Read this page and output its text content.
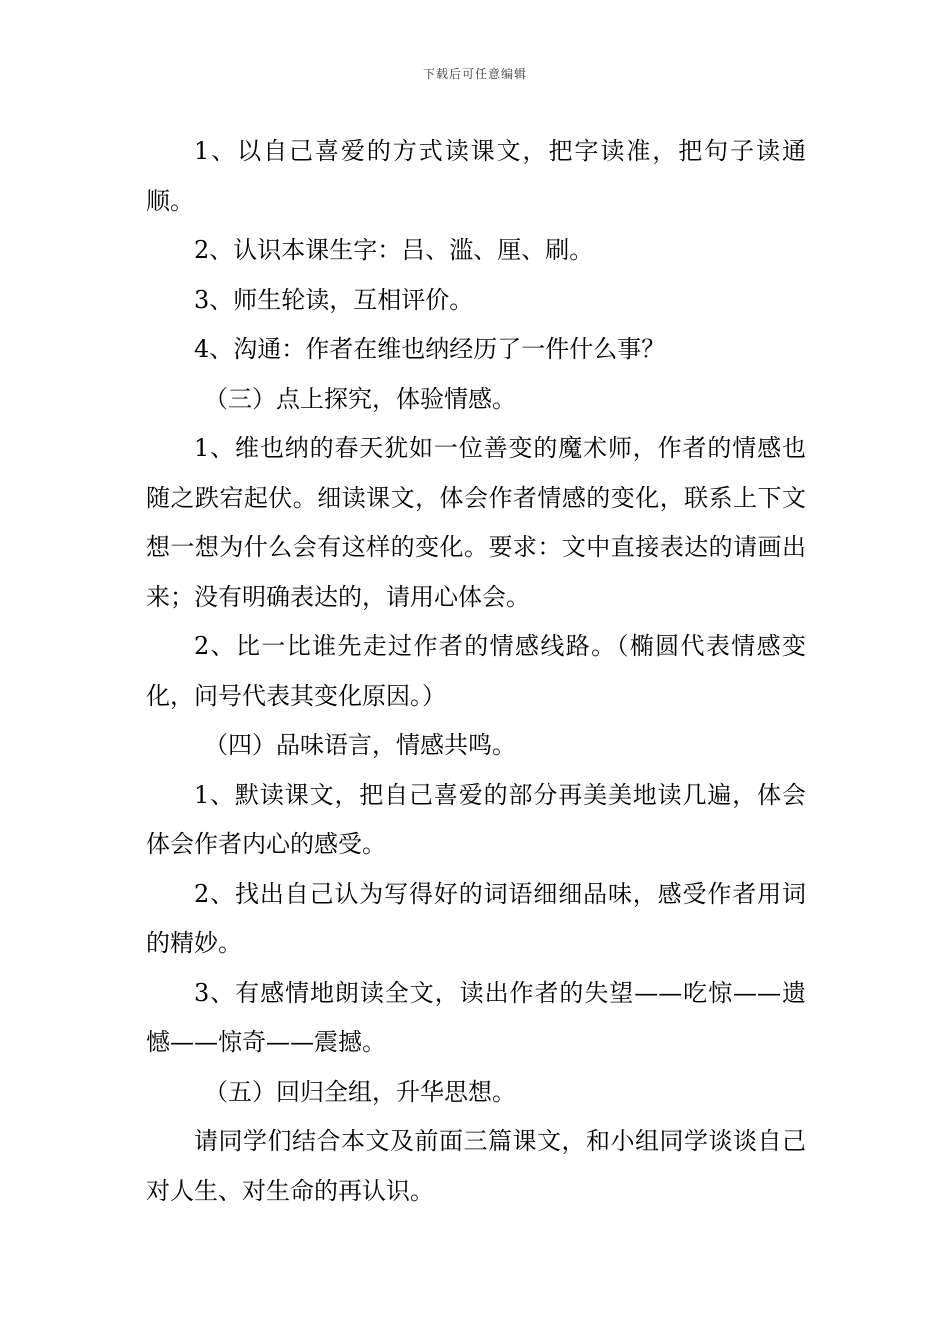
下载后可任意编辑

1、以自己喜爱的方式读课文，把字读准，把句子读通顺。

2、认识本课生字：吕、滥、厘、刷。

3、师生轮读，互相评价。

4、沟通：作者在维也纳经历了一件什么事？

（三）点上探究，体验情感。

1、维也纳的春天犹如一位善变的魔术师，作者的情感也随之跌宕起伏。细读课文，体会作者情感的变化，联系上下文想一想为什么会有这样的变化。要求：文中直接表达的请画出来；没有明确表达的，请用心体会。

2、比一比谁先走过作者的情感线路。（椭圆代表情感变化，问号代表其变化原因。）

（四）品味语言，情感共鸣。

1、默读课文，把自己喜爱的部分再美美地读几遍，体会体会作者内心的感受。

2、找出自己认为写得好的词语细细品味，感受作者用词的精妙。

3、有感情地朗读全文，读出作者的失望——吃惊——遗憾——惊奇——震撼。

（五）回归全组，升华思想。

请同学们结合本文及前面三篇课文，和小组同学谈谈自己对人生、对生命的再认识。
